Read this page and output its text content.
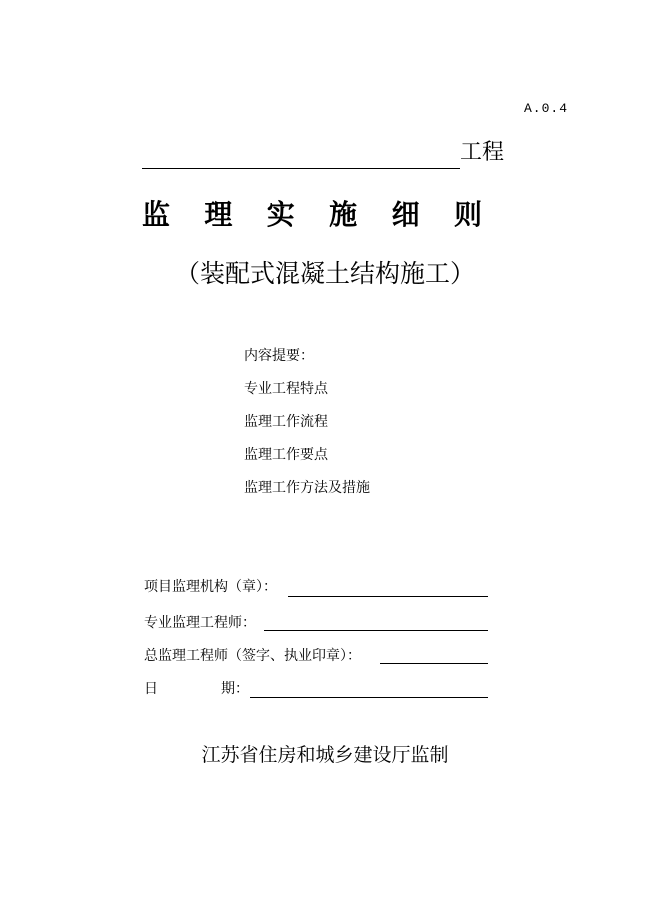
A.0.4
工程
监 理 实 施 细 则
（装配式混凝土结构施工）
内容提要：
专业工程特点
监理工作流程
监理工作要点
监理工作方法及措施
项目监理机构（章）：
专业监理工程师：
总监理工程师（签字、执业印章）：
日	期：
江苏省住房和城乡建设厅监制
